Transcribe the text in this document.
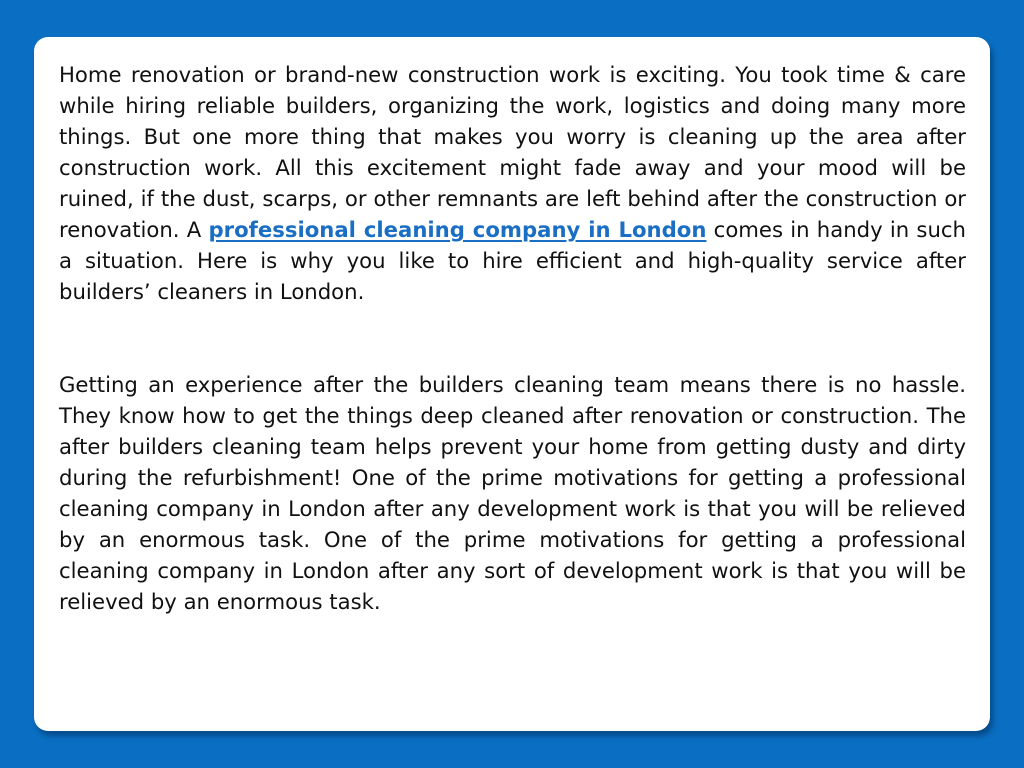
Home renovation or brand-new construction work is exciting. You took time & care while hiring reliable builders, organizing the work, logistics and doing many more things. But one more thing that makes you worry is cleaning up the area after construction work. All this excitement might fade away and your mood will be ruined, if the dust, scarps, or other remnants are left behind after the construction or renovation. A professional cleaning company in London comes in handy in such a situation. Here is why you like to hire efficient and high-quality service after builders’ cleaners in London.

Getting an experience after the builders cleaning team means there is no hassle. They know how to get the things deep cleaned after renovation or construction. The after builders cleaning team helps prevent your home from getting dusty and dirty during the refurbishment! One of the prime motivations for getting a professional cleaning company in London after any development work is that you will be relieved by an enormous task. One of the prime motivations for getting a professional cleaning company in London after any sort of development work is that you will be relieved by an enormous task.
